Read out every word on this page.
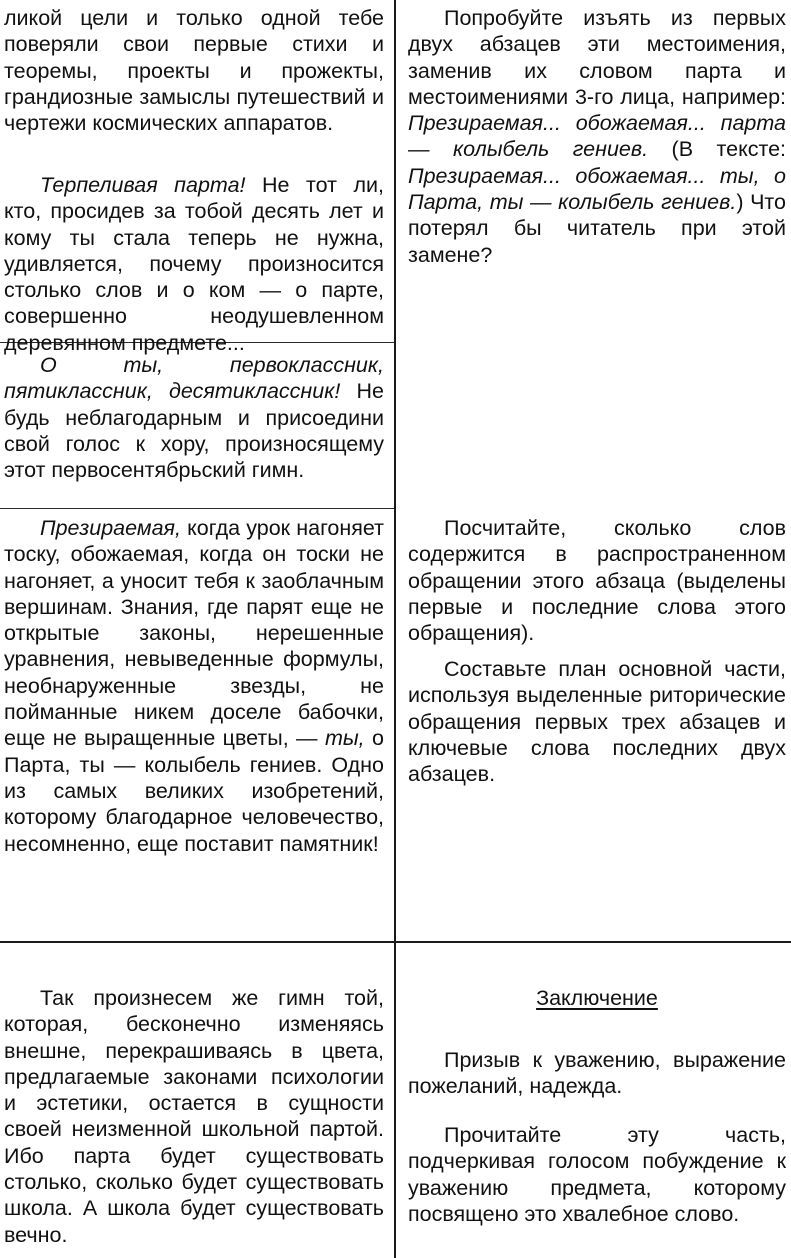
ликой цели и только одной тебе поверяли свои первые стихи и теоремы, проекты и прожекты, грандиозные замыслы путешествий и чертежи космических аппаратов.

Терпеливая парта! Не тот ли, кто, просидев за тобой десять лет и кому ты стала теперь не нужна, удивляется, почему произносится столько слов и о ком — о парте, совершенно неодушевленном деревянном предмете...

О ты, первоклассник, пятиклассник, десятиклассник! Не будь неблагодарным и присоедини свой голос к хору, произносящему этот первосентябрьский гимн.

Презираемая, когда урок нагоняет тоску, обожаемая, когда он тоски не нагоняет, а уносит тебя к заоблачным вершинам. Знания, где парят еще не открытые законы, нерешенные уравнения, невыведенные формулы, необнаруженные звезды, не пойманные никем доселе бабочки, еще не выращенные цветы, — ты, о Парта, ты — колыбель гениев. Одно из самых великих изобретений, которому благодарное человечество, несомненно, еще поставит памятник!

Так произнесем же гимн той, которая, бесконечно изменяясь внешне, перекрашиваясь в цвета, предлагаемые законами психологии и эстетики, остается в сущности своей неизменной школьной партой. Ибо парта будет существовать столько, сколько будет существовать школа. А школа будет существовать вечно.

Попробуйте изъять из первых двух абзацев эти местоимения, заменив их словом парта и местоимениями 3-го лица, например: Презираемая... обожаемая... парта — колыбель гениев. (В тексте: Презираемая... обожаемая... ты, о Парта, ты — колыбель гениев.) Что потерял бы читатель при этой замене?

Посчитайте, сколько слов содержится в распространенном обращении этого абзаца (выделены первые и последние слова этого обращения).

Составьте план основной части, используя выделенные риторические обращения первых трех абзацев и ключевые слова последних двух абзацев.

Заключение

Призыв к уважению, выражение пожеланий, надежда.

Прочитайте эту часть, подчеркивая голосом побуждение к уважению предмета, которому посвящено это хвалебное слово.
